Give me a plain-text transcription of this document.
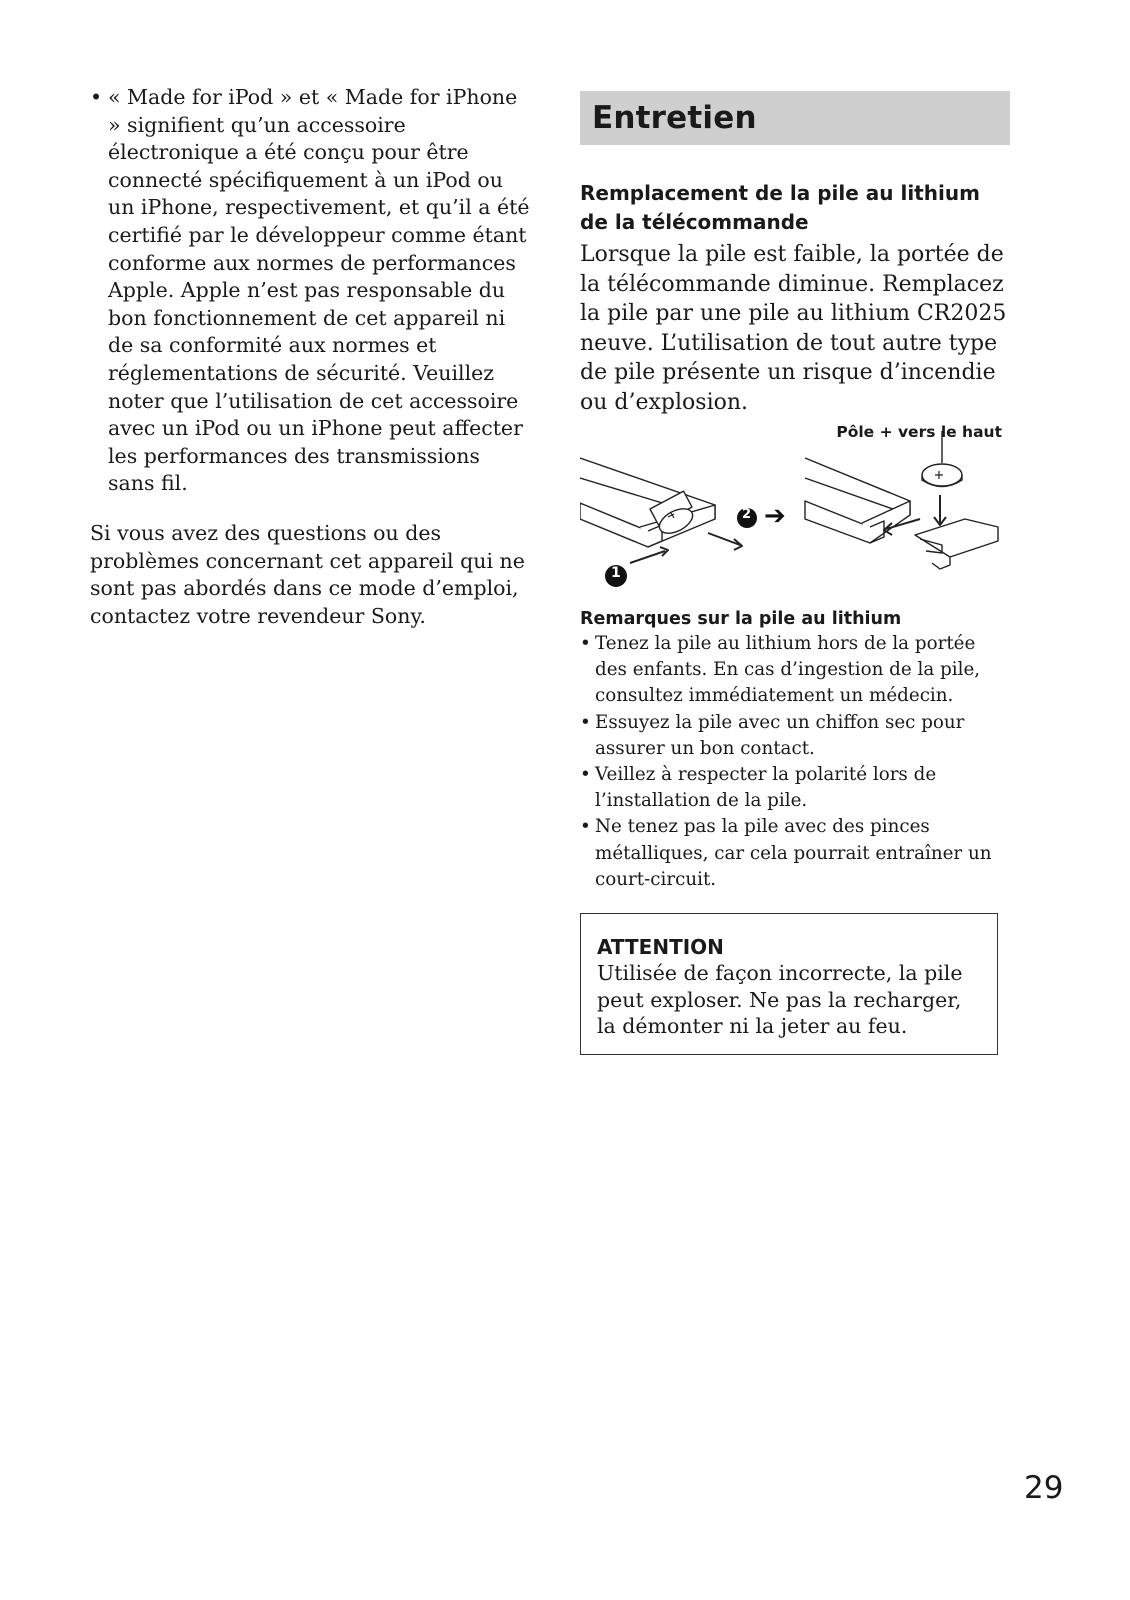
• « Made for iPod » et « Made for iPhone » signifient qu’un accessoire électronique a été conçu pour être connecté spécifiquement à un iPod ou un iPhone, respectivement, et qu’il a été certifié par le développeur comme étant conforme aux normes de performances Apple. Apple n’est pas responsable du bon fonctionnement de cet appareil ni de sa conformité aux normes et réglementations de sécurité. Veuillez noter que l’utilisation de cet accessoire avec un iPod ou un iPhone peut affecter les performances des transmissions sans fil.

Si vous avez des questions ou des problèmes concernant cet appareil qui ne sont pas abordés dans ce mode d’emploi, contactez votre revendeur Sony.

Entretien
Remplacement de la pile au lithium de la télécommande
Lorsque la pile est faible, la portée de la télécommande diminue. Remplacez la pile par une pile au lithium CR2025 neuve. L’utilisation de tout autre type de pile présente un risque d’incendie ou d’explosion.
Pôle + vers le haut
2
1
➔
Remarques sur la pile au lithium
• Tenez la pile au lithium hors de la portée des enfants. En cas d’ingestion de la pile, consultez immédiatement un médecin.
• Essuyez la pile avec un chiffon sec pour assurer un bon contact.
• Veillez à respecter la polarité lors de l’installation de la pile.
• Ne tenez pas la pile avec des pinces métalliques, car cela pourrait entraîner un court-circuit.
ATTENTION
Utilisée de façon incorrecte, la pile peut exploser. Ne pas la recharger, la démonter ni la jeter au feu.
29
